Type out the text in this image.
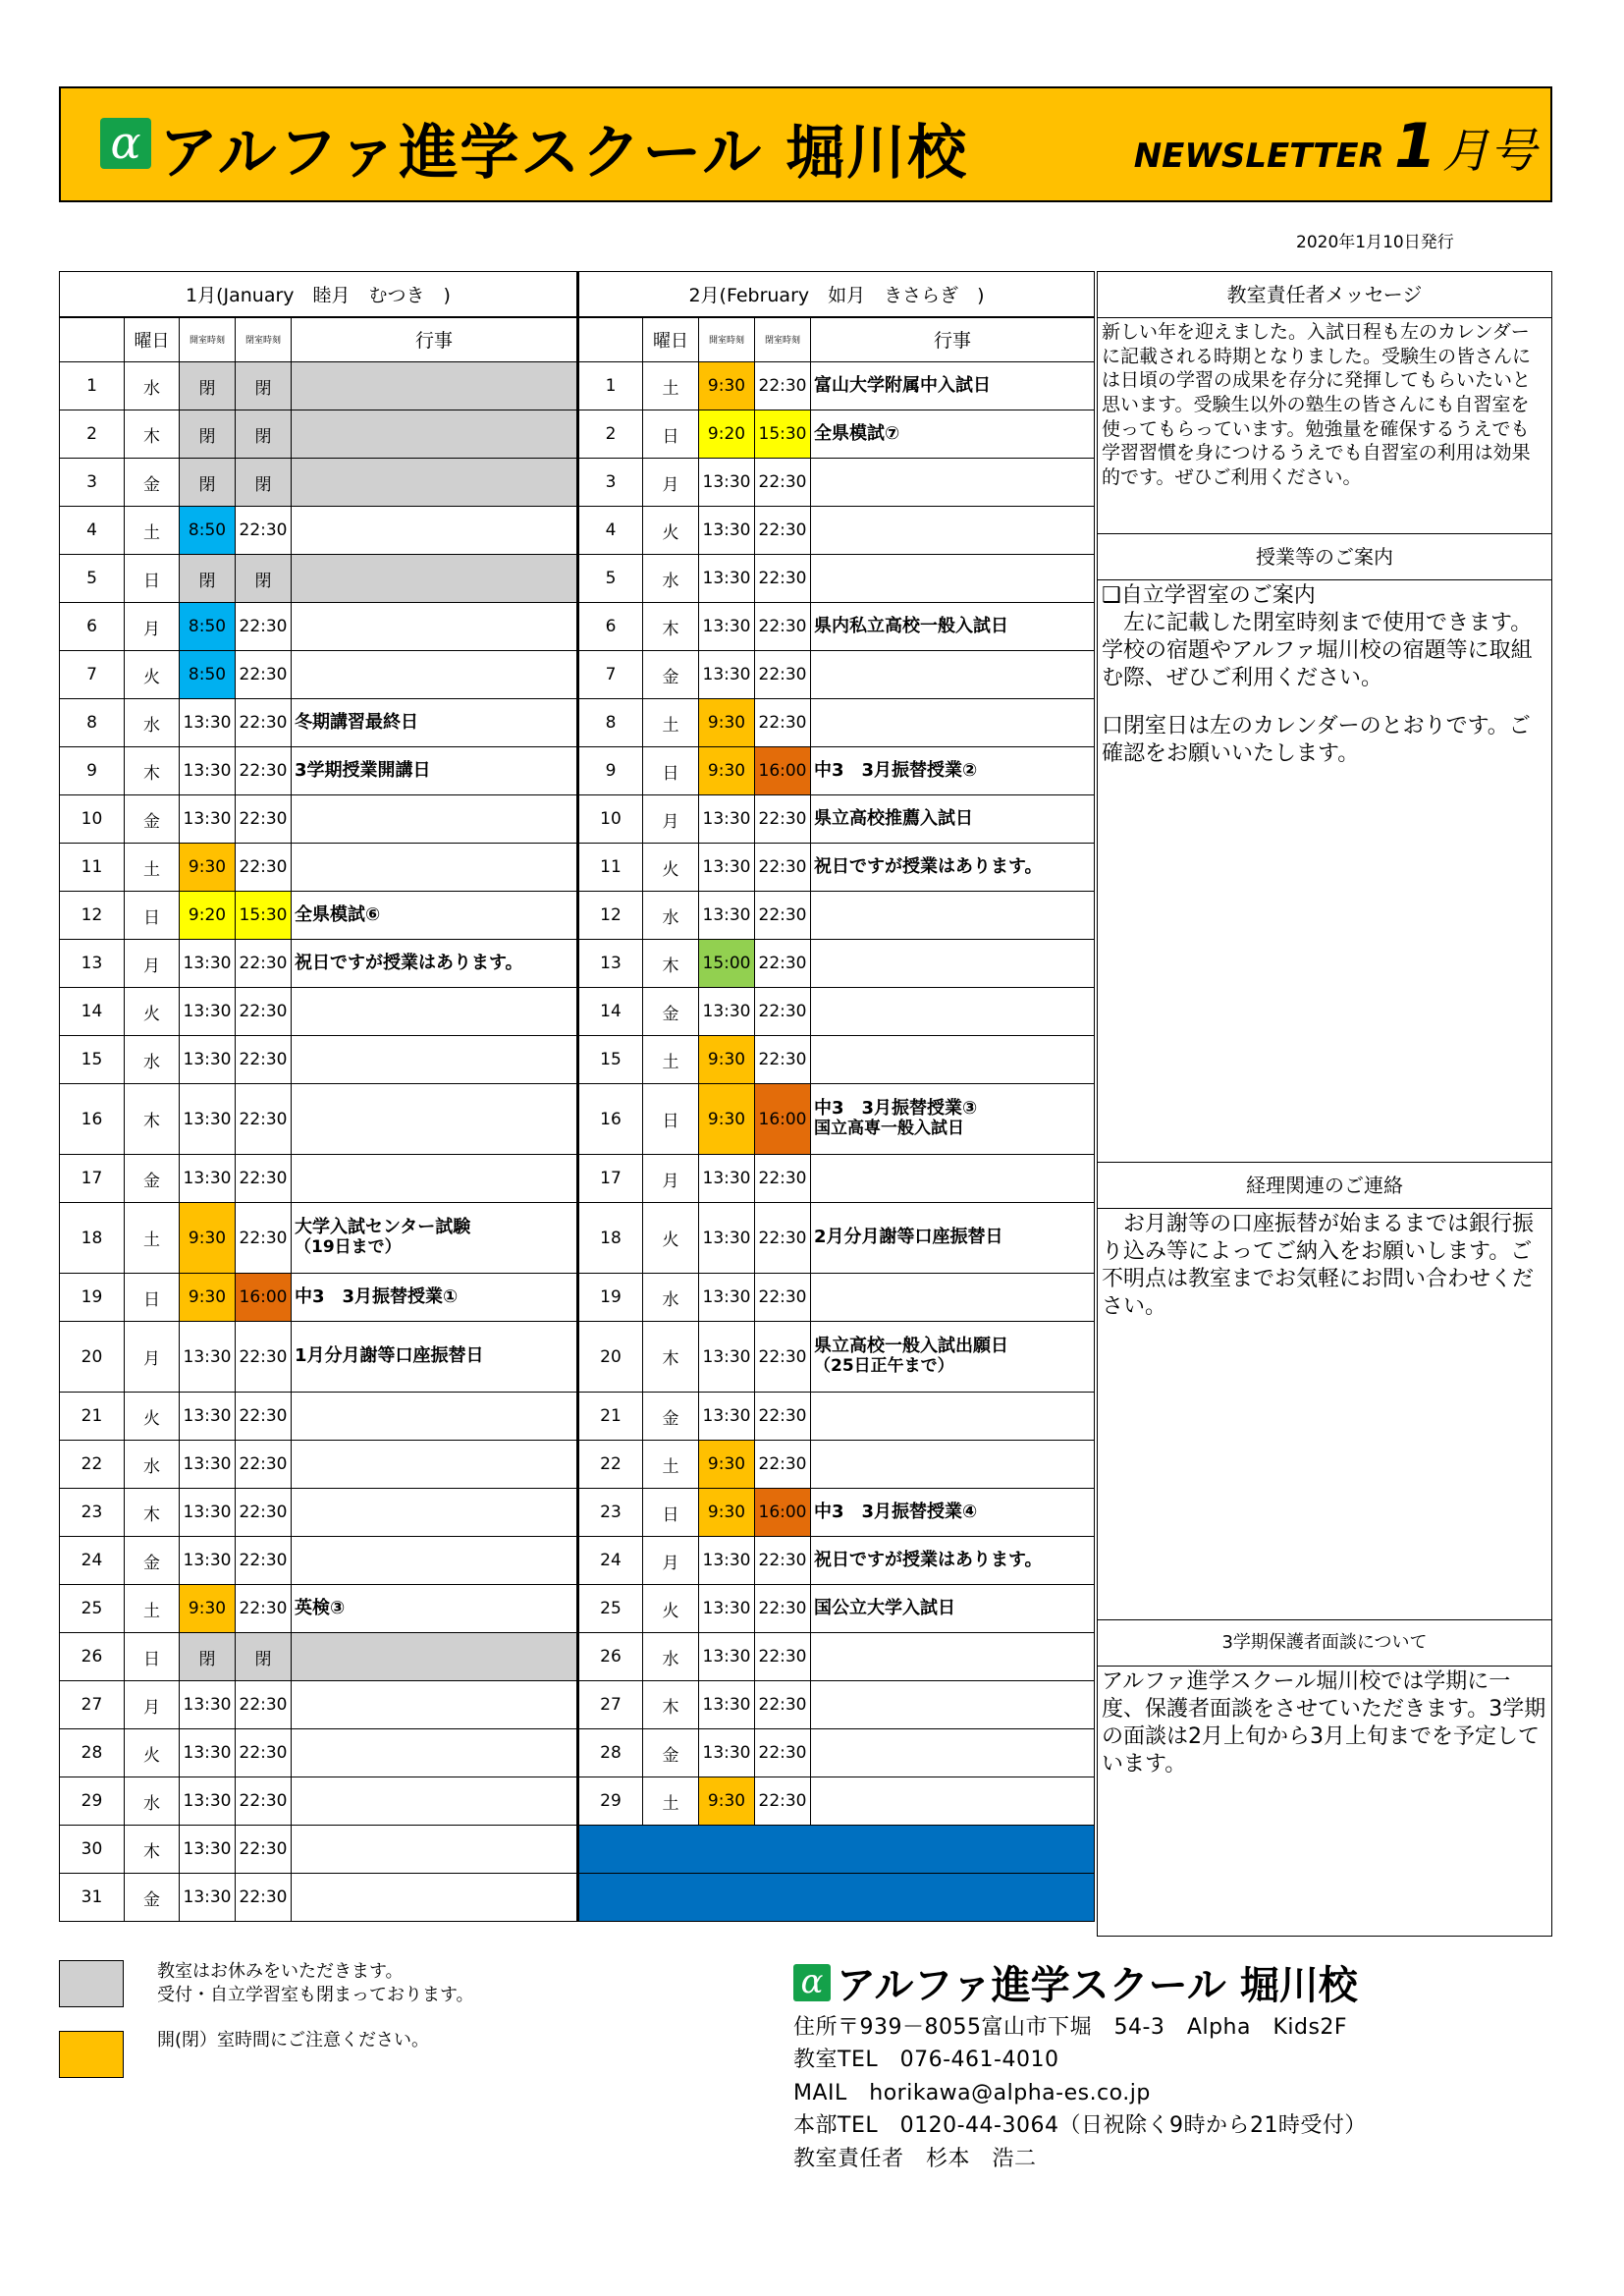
α アルファ進学スクール 堀川校	NEWSLETTER 1 月号
2020年1月10日発行
1月(January　睦月　むつき　)					2月(February　如月　きさらぎ　)				
	曜日	開室時刻	閉室時刻	行事		曜日	開室時刻	閉室時刻	行事
1	水	閉	閉		1	土	9:30	22:30	富山大学附属中入試日

2	木	閉	閉		2	日	9:20	15:30	全県模試⑦

3	金	閉	閉		3	月	13:30	22:30	

4	土	8:50	22:30		4	火	13:30	22:30	

5	日	閉	閉		5	水	13:30	22:30	

6	月	8:50	22:30		6	木	13:30	22:30	県内私立高校一般入試日

7	火	8:50	22:30		7	金	13:30	22:30	

8	水	13:30	22:30	冬期講習最終日	8	土	9:30	22:30	

9	木	13:30	22:30	3学期授業開講日	9	日	9:30	16:00	中3　3月振替授業②

10	金	13:30	22:30		10	月	13:30	22:30	県立高校推薦入試日

11	土	9:30	22:30		11	火	13:30	22:30	祝日ですが授業はあります。

12	日	9:20	15:30	全県模試⑥	12	水	13:30	22:30	

13	月	13:30	22:30	祝日ですが授業はあります。	13	木	15:00	22:30	

14	火	13:30	22:30		14	金	13:30	22:30	

15	水	13:30	22:30		15	土	9:30	22:30	

16	木	13:30	22:30		16	日	9:30	16:00	中3　3月振替授業③
国立高専一般入試日

17	金	13:30	22:30		17	月	13:30	22:30	

18	土	9:30	22:30	大学入試センター試験
（19日まで）	18	火	13:30	22:30	2月分月謝等口座振替日

19	日	9:30	16:00	中3　3月振替授業①	19	水	13:30	22:30	

20	月	13:30	22:30	1月分月謝等口座振替日	20	木	13:30	22:30	県立高校一般入試出願日
（25日正午まで）

21	火	13:30	22:30		21	金	13:30	22:30	

22	水	13:30	22:30		22	土	9:30	22:30	

23	木	13:30	22:30		23	日	9:30	16:00	中3　3月振替授業④

24	金	13:30	22:30		24	月	13:30	22:30	祝日ですが授業はあります。

25	土	9:30	22:30	英検③	25	火	13:30	22:30	国公立大学入試日

26	日	閉	閉		26	水	13:30	22:30	

27	月	13:30	22:30		27	木	13:30	22:30	

28	火	13:30	22:30		28	金	13:30	22:30	

29	水	13:30	22:30		29	土	9:30	22:30	

30	木	13:30	22:30					

31	金	13:30	22:30					

教室責任者メッセージ
新しい年を迎えました。入試日程も左のカレンダーに記載される時期となりました。受験生の皆さんには日頃の学習の成果を存分に発揮してもらいたいと思います。受験生以外の塾生の皆さんにも自習室を使ってもらっています。勉強量を確保するうえでも学習習慣を身につけるうえでも自習室の利用は効果的です。ぜひご利用ください。
授業等のご案内
❑自立学習室のご案内
　左に記載した閉室時刻まで使用できます。学校の宿題やアルファ堀川校の宿題等に取組む際、ぜひご利用ください。
口閉室日は左のカレンダーのとおりです。ご確認をお願いいたします。
経理関連のご連絡
　お月謝等の口座振替が始まるまでは銀行振り込み等によってご納入をお願いします。ご不明点は教室までお気軽にお問い合わせください。
3学期保護者面談について
アルファ進学スクール堀川校では学期に一度、保護者面談をさせていただきます。3学期の面談は2月上旬から3月上旬までを予定しています。
教室はお休みをいただきます。
受付・自立学習室も閉まっております。
開(閉）室時間にご注意ください。
α アルファ進学スクール 堀川校
住所〒939－8055富山市下堀　54-3　Alpha　Kids2F
教室TEL　076-461-4010
MAIL　horikawa@alpha-es.co.jp
本部TEL　0120-44-3064（日祝除く9時から21時受付）
教室責任者　杉本　浩二
